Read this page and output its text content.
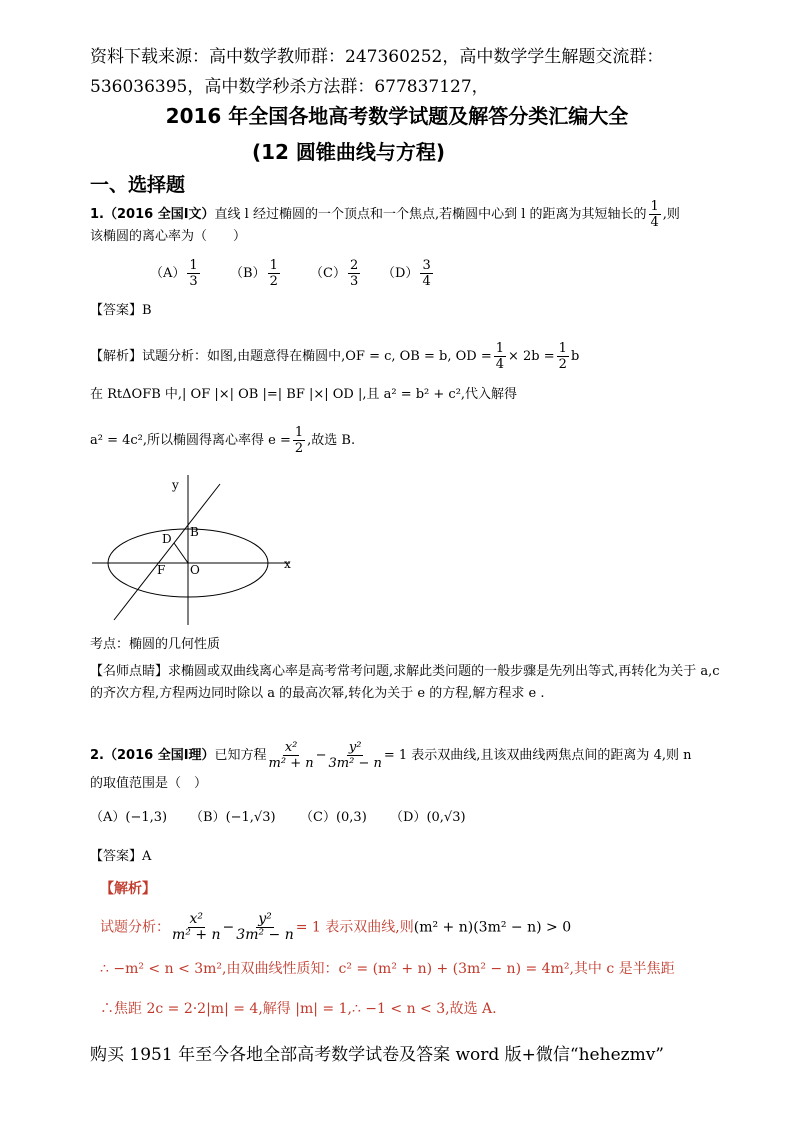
资料下载来源：高中数学教师群：247360252，高中数学学生解题交流群：536036395，高中数学秒杀方法群：677837127，
2016 年全国各地高考数学试题及解答分类汇编大全
(12 圆锥曲线与方程)
一、选择题
1.（2016 全国Ⅰ文）直线 l 经过椭圆的一个顶点和一个焦点,若椭圆中心到 l 的距离为其短轴长的 $\frac{1}{4}$ ,则
该椭圆的离心率为（　　）
$(A) \frac{1}{3} (B) \frac{1}{2} (C) \frac{2}{3} (D) \frac{3}{4}$
【答案】B
【解析】试题分析：如图,由题意得在椭圆中,OF = c, OB = b, OD = $\frac{1}{4} \times 2b = \frac{1}{2}$ b
在 RtΔOFB 中,| OF |×| OB |=| BF |×| OD |,且 a² = b² + c²,代入解得
a² = 4c²,所以椭圆得离心率得 $e = \frac{1}{2}$ ,故选 B.
y
x
B
D
F O
考点：椭圆的几何性质
【名师点睛】求椭圆或双曲线离心率是高考常考问题,求解此类问题的一般步骤是先列出等式,再转化为关于 a,c 的齐次方程,方程两边同时除以 a 的最高次幂,转化为关于 e 的方程,解方程求 e .
2.（2016 全国Ⅰ理）已知方程 $\frac{\text{x²}}{\text{m² + n}} - \frac{\text{y²}}{\text{3m² − n}} = 1$ 表示双曲线,且该双曲线两焦点间的距离为 4,则 n
的取值范围是（　）
（A）(−1,3) （B）(−1,√3) （C）(0,3) （D）(0,√3)
【答案】A
【解析】
试题分析： $\frac{\text{x²}}{\text{m² + n}} - \frac{\text{y²}}{\text{3m² − n}} = 1$ 表示双曲线,则(m² + n)(3m² − n) > 0
∴ −m² < n < 3m²,由双曲线性质知：c² = (m² + n) + (3m² − n) = 4m²,其中 c 是半焦距
∴焦距 2c = 2·2|m| = 4,解得 |m| = 1,∴ −1 < n < 3,故选 A.
购买 1951 年至今各地全部高考数学试卷及答案 word 版+微信“hehezmv”
